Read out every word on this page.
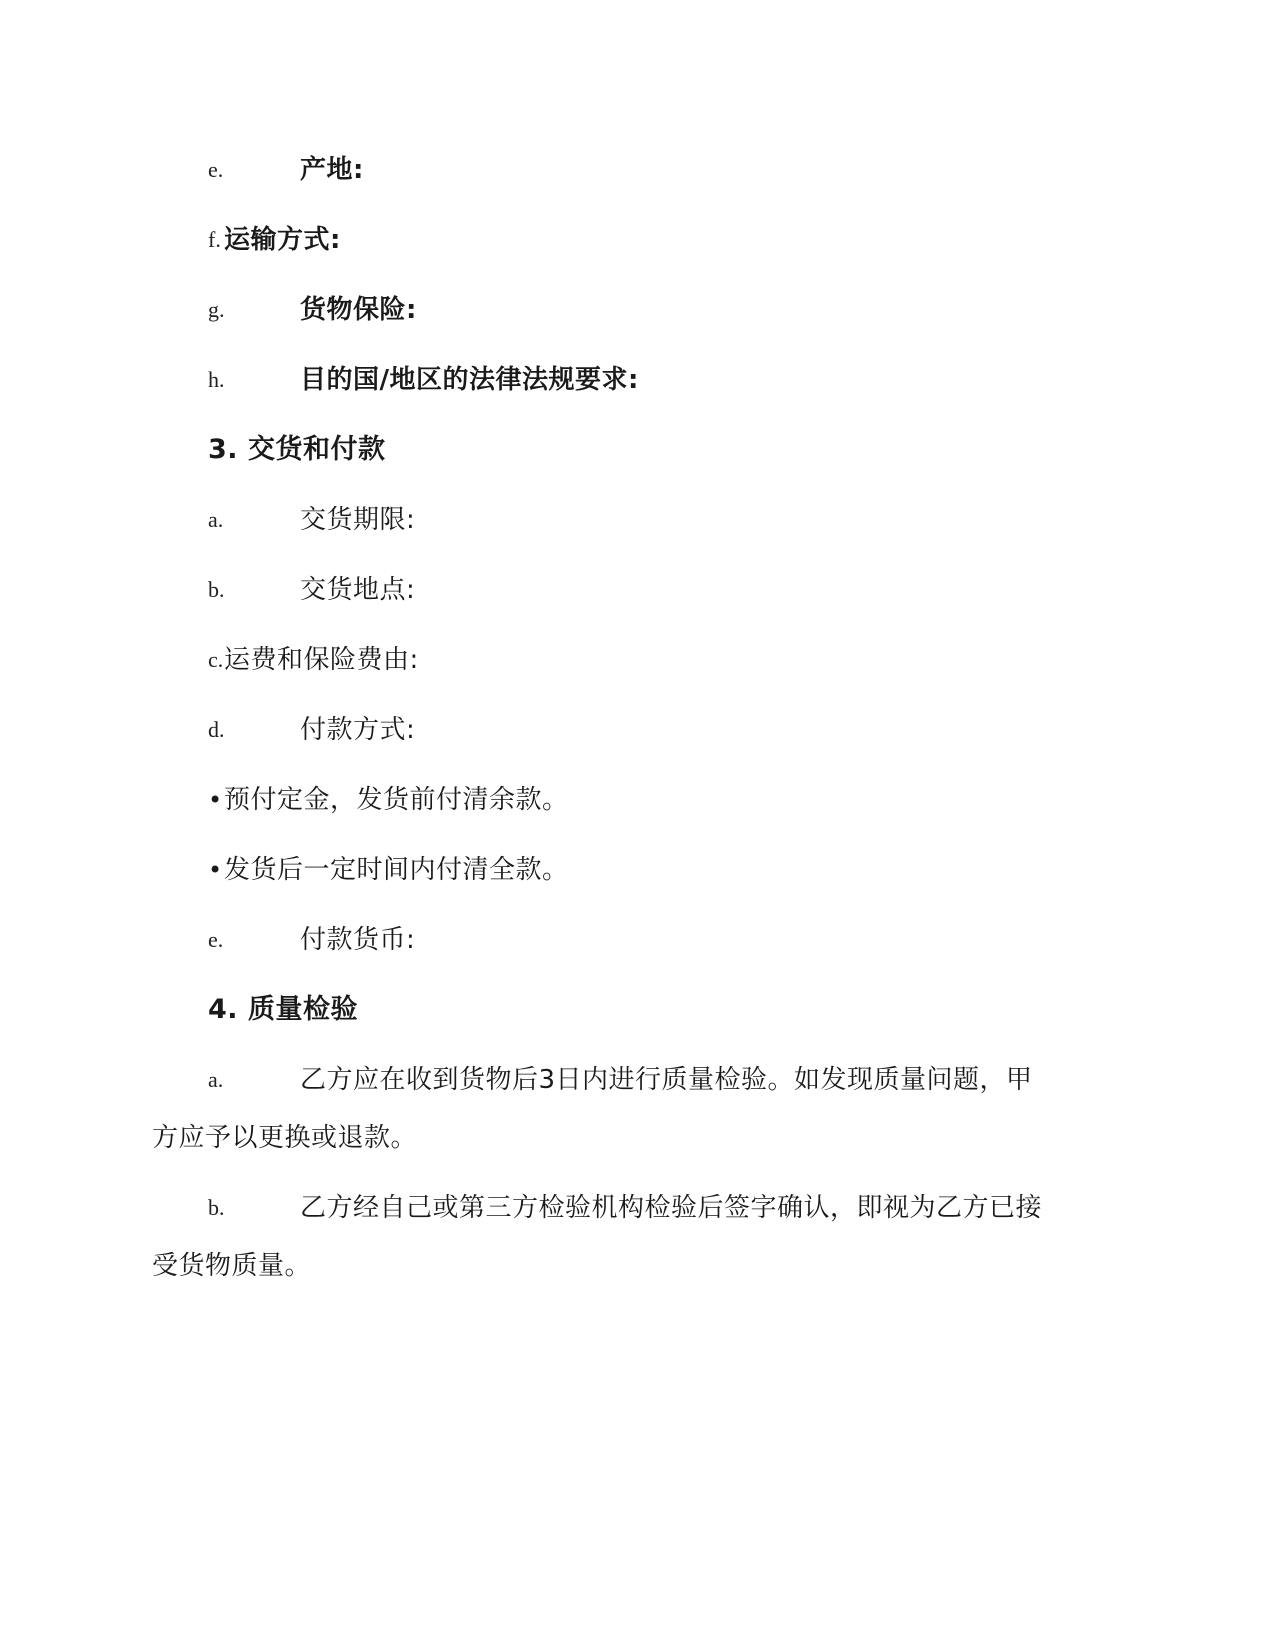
e.	产地:
f. 运输方式:
g.	货物保险:
h.	目的国/地区的法律法规要求:
3. 交货和付款
a.	交货期限:
b.	交货地点:
c. 运费和保险费由:
d.	付款方式:
• 预付定金，发货前付清余款。
• 发货后一定时间内付清全款。
e.	付款货币:
4. 质量检验
a.	乙方应在收到货物后3日内进行质量检验。如发现质量问题，甲
方应予以更换或退款。
b.	乙方经自己或第三方检验机构检验后签字确认，即视为乙方已接
受货物质量。
